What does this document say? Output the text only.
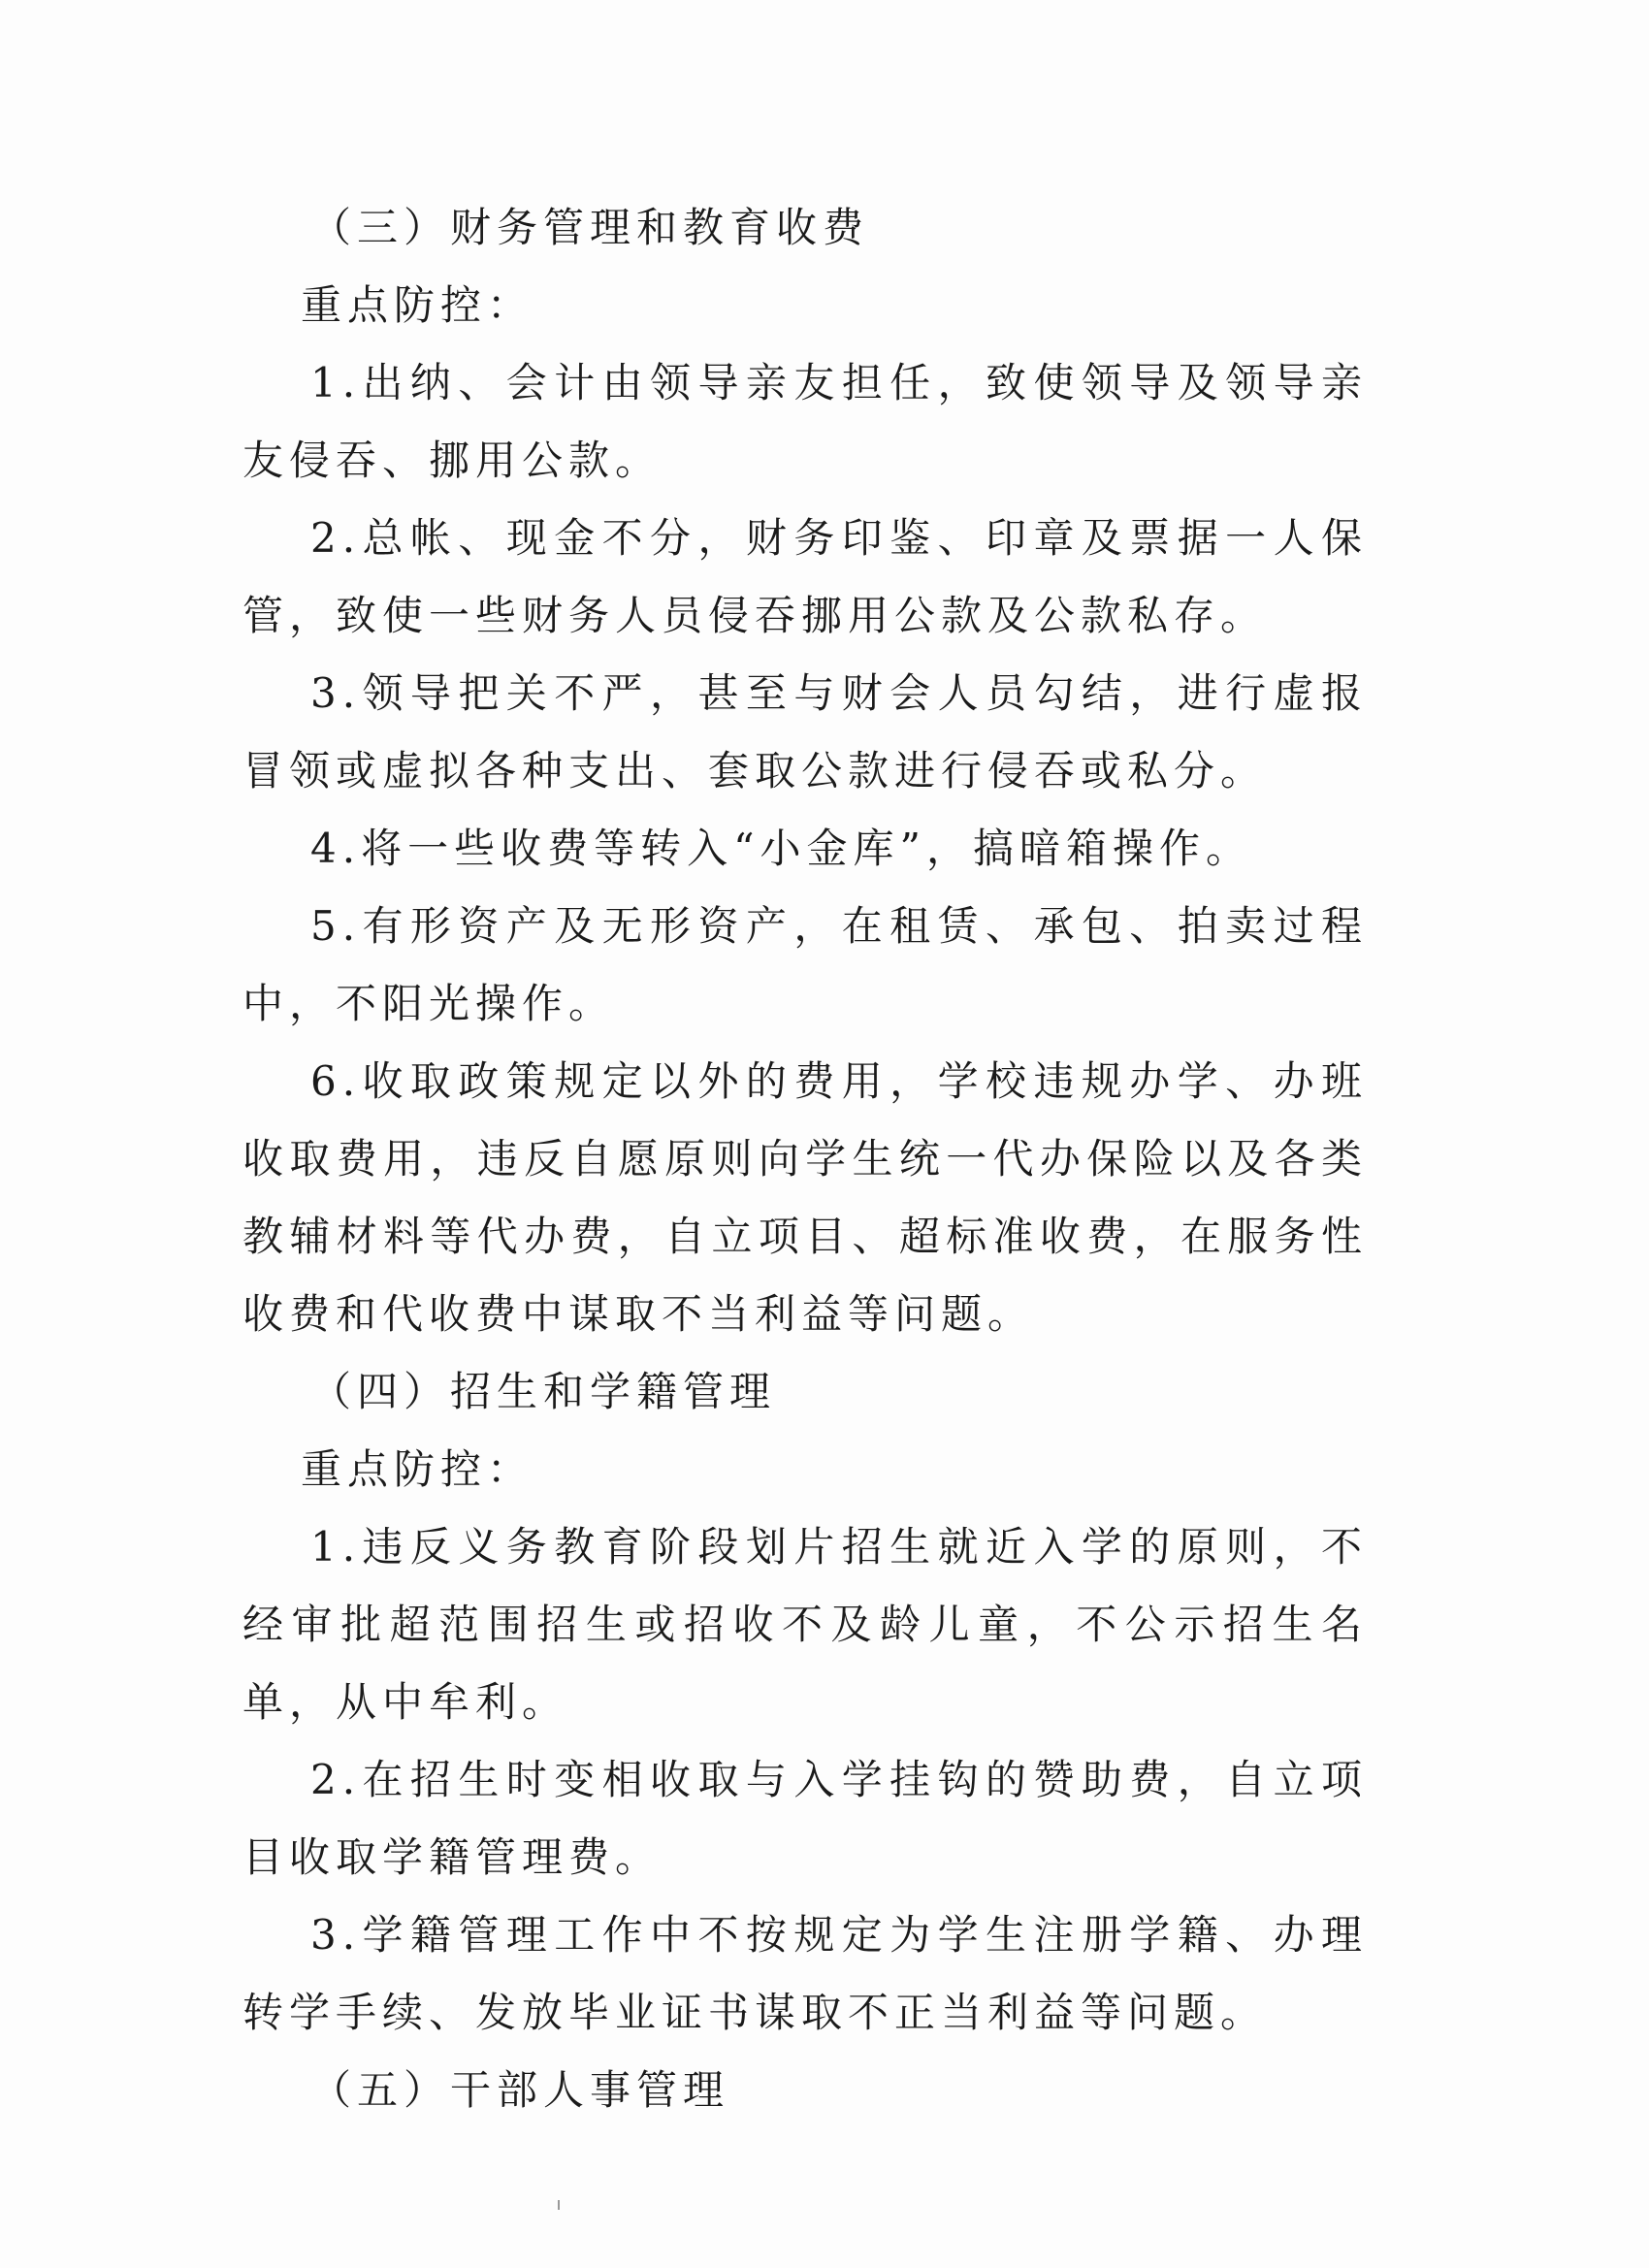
（三）财务管理和教育收费
重点防控：

1.出纳、会计由领导亲友担任，致使领导及领导亲友侵吞、挪用公款。

2.总帐、现金不分，财务印鉴、印章及票据一人保管，致使一些财务人员侵吞挪用公款及公款私存。

3.领导把关不严，甚至与财会人员勾结，进行虚报冒领或虚拟各种支出、套取公款进行侵吞或私分。

4.将一些收费等转入“小金库”，搞暗箱操作。

5.有形资产及无形资产，在租赁、承包、拍卖过程中，不阳光操作。

6.收取政策规定以外的费用，学校违规办学、办班收取费用，违反自愿原则向学生统一代办保险以及各类教辅材料等代办费，自立项目、超标准收费，在服务性收费和代收费中谋取不当利益等问题。

（四）招生和学籍管理
重点防控：

1.违反义务教育阶段划片招生就近入学的原则，不经审批超范围招生或招收不及龄儿童，不公示招生名单，从中牟利。

2.在招生时变相收取与入学挂钩的赞助费，自立项目收取学籍管理费。

3.学籍管理工作中不按规定为学生注册学籍、办理转学手续、发放毕业证书谋取不正当利益等问题。

（五）干部人事管理
